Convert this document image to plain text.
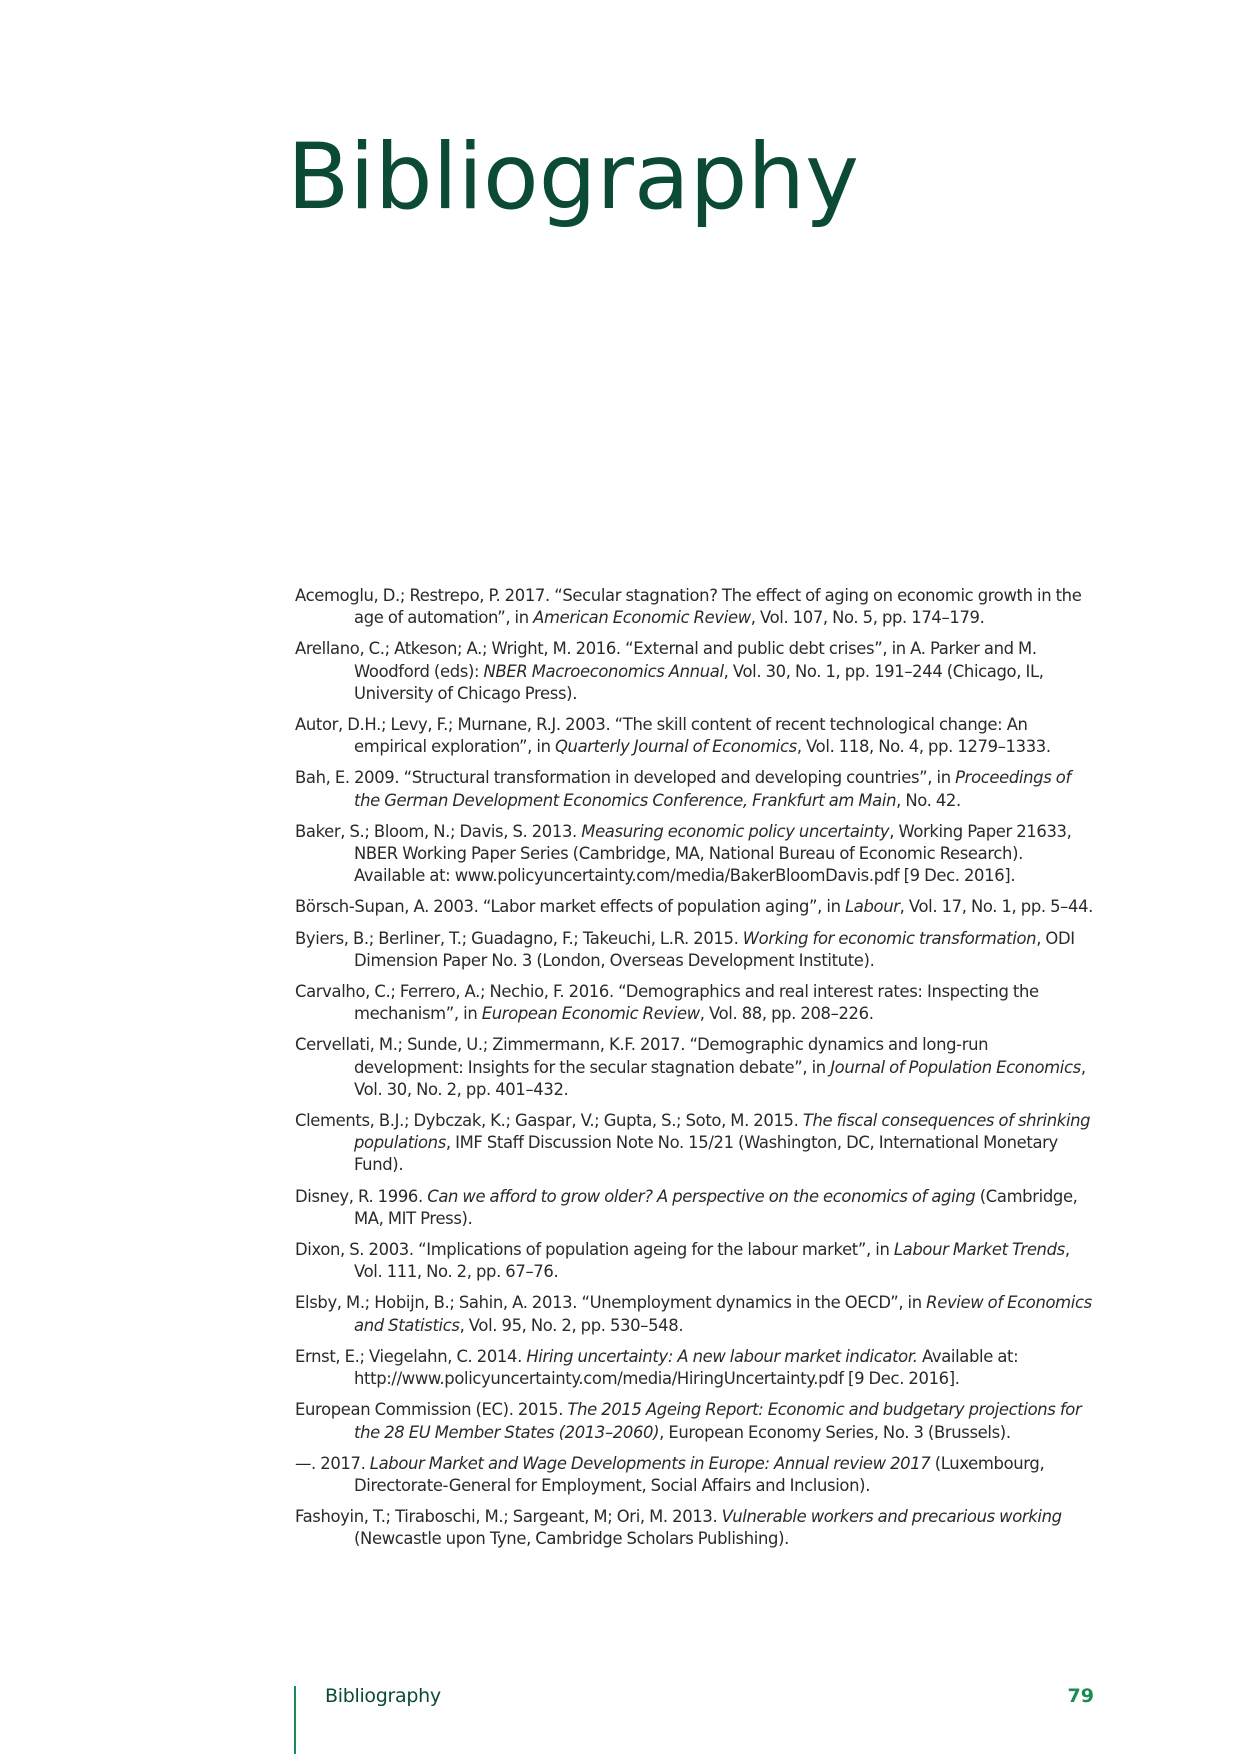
Bibliography
Acemoglu, D.; Restrepo, P. 2017. “Secular stagnation? The effect of aging on economic growth in the age of automation”, in American Economic Review, Vol. 107, No. 5, pp. 174–179.
Arellano, C.; Atkeson; A.; Wright, M. 2016. “External and public debt crises”, in A. Parker and M. Woodford (eds): NBER Macroeconomics Annual, Vol. 30, No. 1, pp. 191–244 (Chicago, IL, University of Chicago Press).
Autor, D.H.; Levy, F.; Murnane, R.J. 2003. “The skill content of recent technological change: An empirical exploration”, in Quarterly Journal of Economics, Vol. 118, No. 4, pp. 1279–1333.
Bah, E. 2009. “Structural transformation in developed and developing countries”, in Proceedings of the German Development Economics Conference, Frankfurt am Main, No. 42.
Baker, S.; Bloom, N.; Davis, S. 2013. Measuring economic policy uncertainty, Working Paper 21633, NBER Working Paper Series (Cambridge, MA, National Bureau of Economic Research). Available at: www.policyuncertainty.com/media/BakerBloomDavis.pdf [9 Dec. 2016].
Börsch-Supan, A. 2003. “Labor market effects of population aging”, in Labour, Vol. 17, No. 1, pp. 5–44.
Byiers, B.; Berliner, T.; Guadagno, F.; Takeuchi, L.R. 2015. Working for economic transformation, ODI Dimension Paper No. 3 (London, Overseas Development Institute).
Carvalho, C.; Ferrero, A.; Nechio, F. 2016. “Demographics and real interest rates: Inspecting the mechanism”, in European Economic Review, Vol. 88, pp. 208–226.
Cervellati, M.; Sunde, U.; Zimmermann, K.F. 2017. “Demographic dynamics and long-run development: Insights for the secular stagnation debate”, in Journal of Population Economics, Vol. 30, No. 2, pp. 401–432.
Clements, B.J.; Dybczak, K.; Gaspar, V.; Gupta, S.; Soto, M. 2015. The fiscal consequences of shrinking populations, IMF Staff Discussion Note No. 15/21 (Washington, DC, International Monetary Fund).
Disney, R. 1996. Can we afford to grow older? A perspective on the economics of aging (Cambridge, MA, MIT Press).
Dixon, S. 2003. “Implications of population ageing for the labour market”, in Labour Market Trends, Vol. 111, No. 2, pp. 67–76.
Elsby, M.; Hobijn, B.; Sahin, A. 2013. “Unemployment dynamics in the OECD”, in Review of Economics and Statistics, Vol. 95, No. 2, pp. 530–548.
Ernst, E.; Viegelahn, C. 2014. Hiring uncertainty: A new labour market indicator. Available at: http://www.policyuncertainty.com/media/HiringUncertainty.pdf [9 Dec. 2016].
European Commission (EC). 2015. The 2015 Ageing Report: Economic and budgetary projections for the 28 EU Member States (2013–2060), European Economy Series, No. 3 (Brussels).
—. 2017. Labour Market and Wage Developments in Europe: Annual review 2017 (Luxembourg, Directorate-General for Employment, Social Affairs and Inclusion).
Fashoyin, T.; Tiraboschi, M.; Sargeant, M; Ori, M. 2013. Vulnerable workers and precarious working (Newcastle upon Tyne, Cambridge Scholars Publishing).
Bibliography	79
